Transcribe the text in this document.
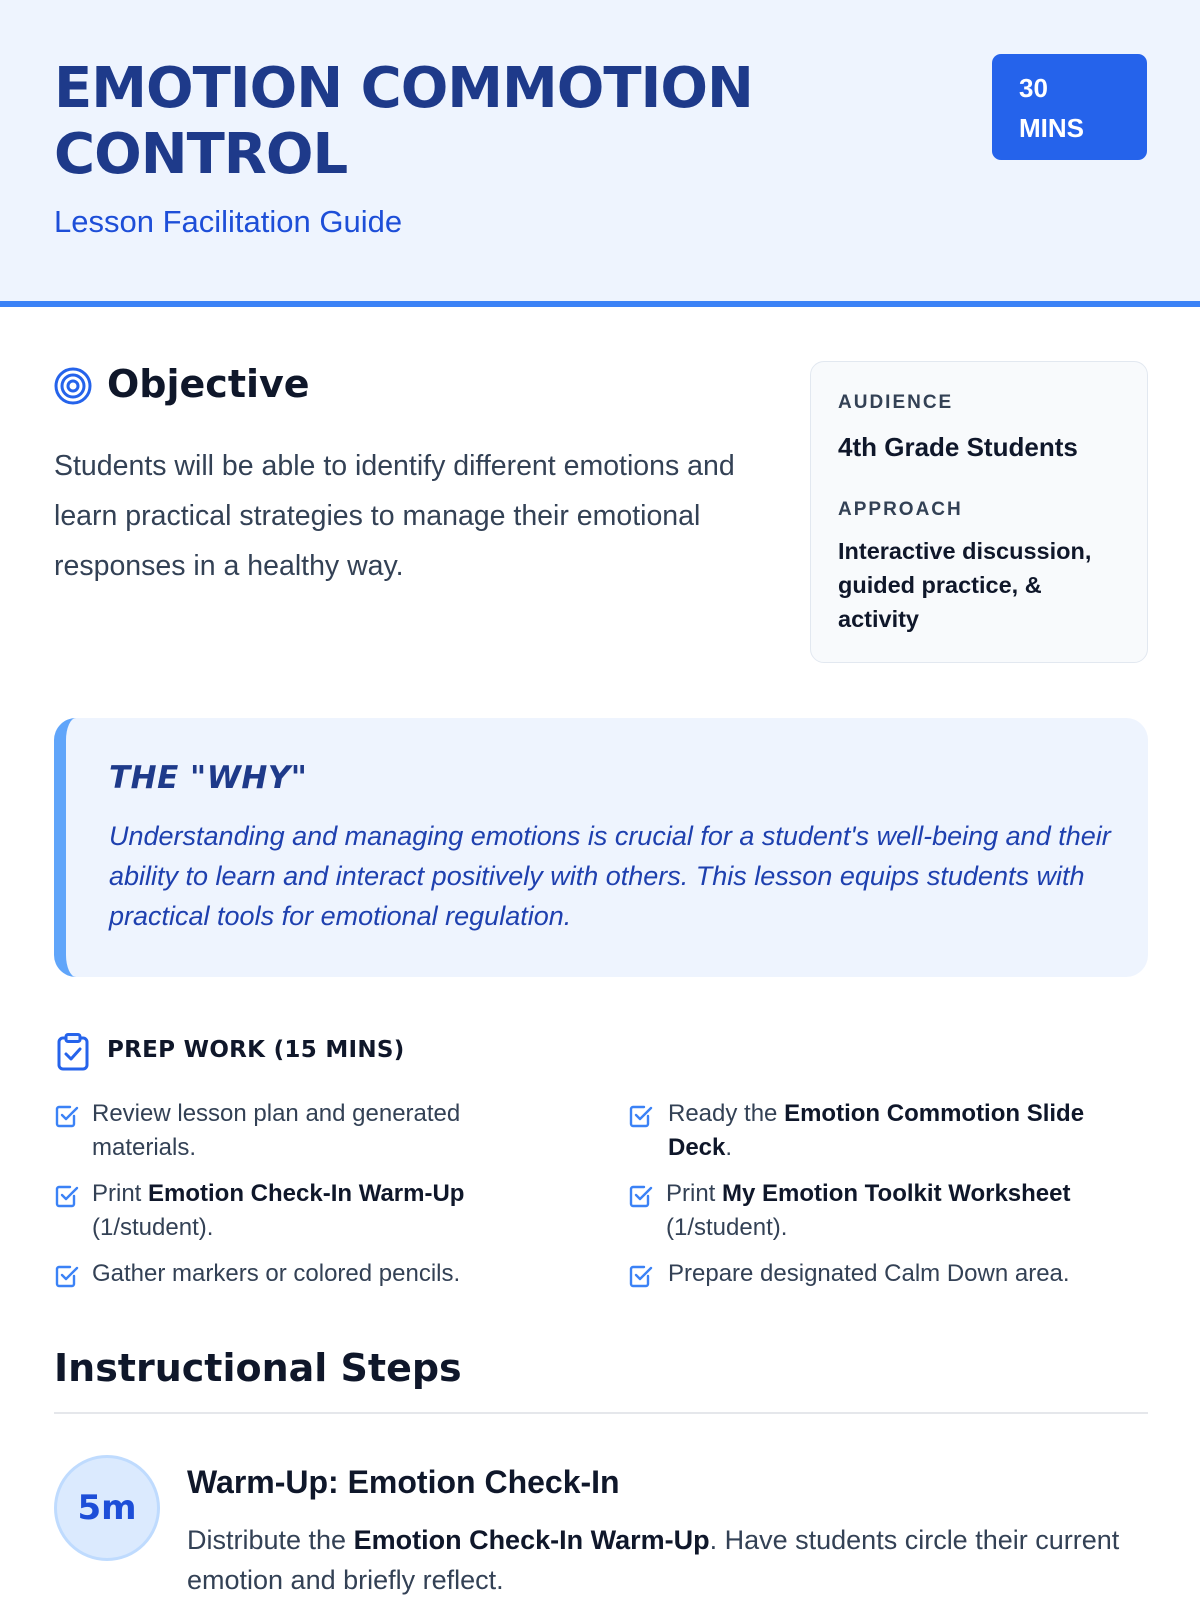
EMOTION COMMOTION CONTROL
Lesson Facilitation Guide
30 MINS
Objective
Students will be able to identify different emotions and learn practical strategies to manage their emotional responses in a healthy way.
AUDIENCE
4th Grade Students
APPROACH
Interactive discussion, guided practice, & activity
THE "WHY"
Understanding and managing emotions is crucial for a student's well-being and their ability to learn and interact positively with others. This lesson equips students with practical tools for emotional regulation.
PREP WORK (15 MINS)
Review lesson plan and generated materials.
Ready the Emotion Commotion Slide Deck.
Print Emotion Check-In Warm-Up (1/student).
Print My Emotion Toolkit Worksheet (1/student).
Gather markers or colored pencils.	Prepare designated Calm Down area.
Instructional Steps
5m
Warm-Up: Emotion Check-In
Distribute the Emotion Check-In Warm-Up. Have students circle their current emotion and briefly reflect.
